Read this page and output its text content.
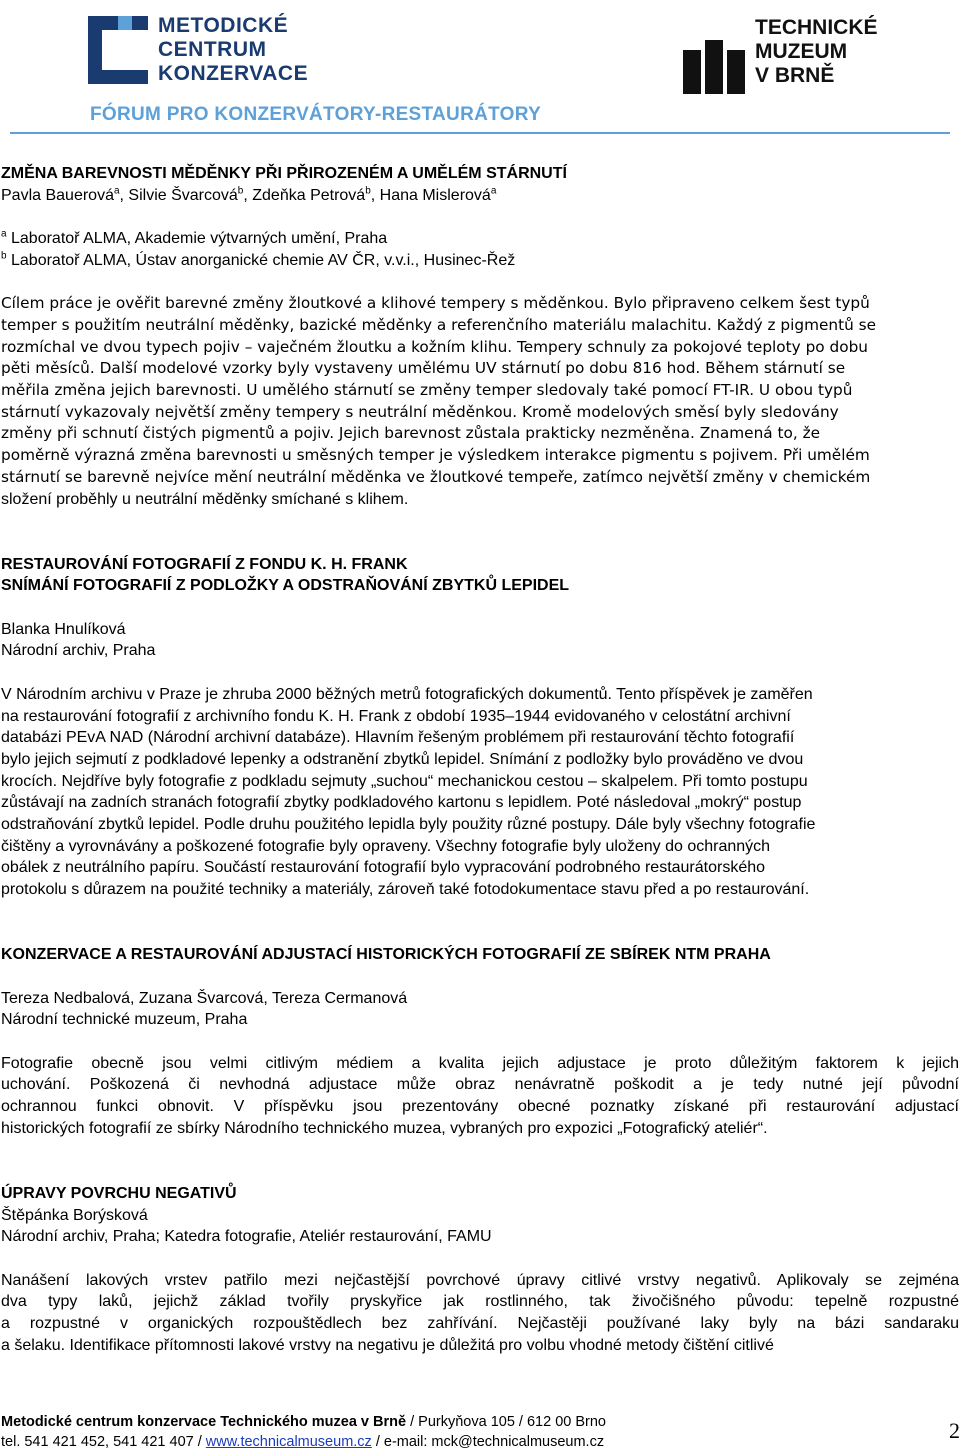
METODICKÉ
CENTRUM
KONZERVACE
TECHNICKÉ
MUZEUM
V BRNĚ
FÓRUM PRO KONZERVÁTORY-RESTAURÁTORY

ZMĚNA BAREVNOSTI MĚDĚNKY PŘI PŘIROZENÉM A UMĚLÉM STÁRNUTÍ

Pavla Bauerová$^a$, Silvie Švarcová$^b$, Zdeňka Petrová$^b$, Hana Mislerová$^a$

$^a$ Laboratoř ALMA, Akademie výtvarných umění, Praha

$^b$ Laboratoř ALMA, Ústav anorganické chemie AV ČR, v.v.i., Husinec-Řež

Cílem práce je ověřit barevné změny žloutkové a klihové tempery s měděnkou. Bylo připraveno celkem šest typů
temper s použitím neutrální měděnky, bazické měděnky a referenčního materiálu malachitu. Každý z pigmentů se
rozmíchal ve dvou typech pojiv – vaječném žloutku a kožním klihu. Tempery schnuly za pokojové teploty po dobu
pěti měsíců. Další modelové vzorky byly vystaveny umělému UV stárnutí po dobu 816 hod. Během stárnutí se
měřila změna jejich barevnosti. U umělého stárnutí se změny temper sledovaly také pomocí FT-IR. U obou typů
stárnutí vykazovaly největší změny tempery s neutrální měděnkou. Kromě modelových směsí byly sledovány
změny při schnutí čistých pigmentů a pojiv. Jejich barevnost zůstala prakticky nezměněna. Znamená to, že
poměrně výrazná změna barevnosti u směsných temper je výsledkem interakce pigmentu s pojivem. Při umělém
stárnutí se barevně nejvíce mění neutrální měděnka ve žloutkové tempeře, zatímco největší změny v chemickém
složení proběhly u neutrální měděnky smíchané s klihem.

RESTAUROVÁNÍ FOTOGRAFIÍ Z FONDU K. H. FRANK

SNÍMÁNÍ FOTOGRAFIÍ Z PODLOŽKY A ODSTRAŇOVÁNÍ ZBYTKŮ LEPIDEL

Blanka Hnulíková

Národní archiv, Praha

V Národním archivu v Praze je zhruba 2000 běžných metrů fotografických dokumentů. Tento příspěvek je zaměřen
na restaurování fotografií z archivního fondu K. H. Frank z období 1935–1944 evidovaného v celostátní archivní
databázi PEvA NAD (Národní archivní databáze). Hlavním řešeným problémem při restaurování těchto fotografií
bylo jejich sejmutí z podkladové lepenky a odstranění zbytků lepidel. Snímání z podložky bylo prováděno ve dvou
krocích. Nejdříve byly fotografie z podkladu sejmuty „suchou“ mechanickou cestou – skalpelem. Při tomto postupu
zůstávají na zadních stranách fotografií zbytky podkladového kartonu s lepidlem. Poté následoval „mokrý“ postup
odstraňování zbytků lepidel. Podle druhu použitého lepidla byly použity různé postupy. Dále byly všechny fotografie
čištěny a vyrovnávány a poškozené fotografie byly opraveny. Všechny fotografie byly uloženy do ochranných
obálek z neutrálního papíru. Součástí restaurování fotografií bylo vypracování podrobného restaurátorského
protokolu s důrazem na použité techniky a materiály, zároveň také fotodokumentace stavu před a po restaurování.

KONZERVACE A RESTAUROVÁNÍ ADJUSTACÍ HISTORICKÝCH FOTOGRAFIÍ ZE SBÍREK NTM PRAHA

Tereza Nedbalová, Zuzana Švarcová, Tereza Cermanová

Národní technické muzeum, Praha

Fotografie obecně jsou velmi citlivým médiem a kvalita jejich adjustace je proto důležitým faktorem k jejich
uchování. Poškozená či nevhodná adjustace může obraz nenávratně poškodit a je tedy nutné její původní
ochrannou funkci obnovit. V příspěvku jsou prezentovány obecné poznatky získané při restaurování adjustací
historických fotografií ze sbírky Národního technického muzea, vybraných pro expozici „Fotografický ateliér“.

ÚPRAVY POVRCHU NEGATIVŮ

Štěpánka Borýsková

Národní archiv, Praha; Katedra fotografie, Ateliér restaurování, FAMU

Nanášení lakových vrstev patřilo mezi nejčastější povrchové úpravy citlivé vrstvy negativů. Aplikovaly se zejména
dva typy laků, jejichž základ tvořily pryskyřice jak rostlinného, tak živočišného původu: tepelně rozpustné
a rozpustné v organických rozpouštědlech bez zahřívání. Nejčastěji používané laky byly na bázi sandaraku
a šelaku. Identifikace přítomnosti lakové vrstvy na negativu je důležitá pro volbu vhodné metody čištění citlivé
Metodické centrum konzervace Technického muzea v Brně / Purkyňova 105 / 612 00 Brno
tel. 541 421 452, 541 421 407 / www.technicalmuseum.cz / e-mail: mck@technicalmuseum.cz	2
